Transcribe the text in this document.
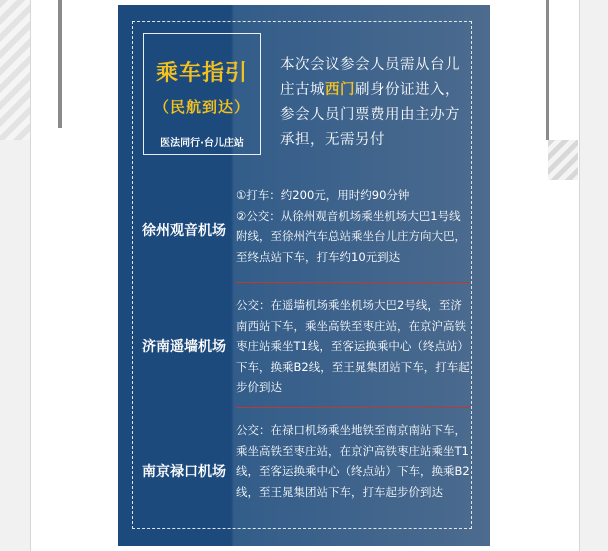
乘车指引
（民航到达）
医法同行·台儿庄站
本次会议参会人员需从台儿庄古城西门刷身份证进入，参会人员门票费用由主办方承担，无需另付
徐州观音机场
①打车：约200元，用时约90分钟
②公交：从徐州观音机场乘坐机场大巴1号线附线，至徐州汽车总站乘坐台儿庄方向大巴，至终点站下车，打车约10元到达
济南遥墙机场
公交：在遥墙机场乘坐机场大巴2号线，至济南西站下车，乘坐高铁至枣庄站，在京沪高铁枣庄站乘坐T1线，至客运换乘中心（终点站）下车，换乘B2线，至王晁集团站下车，打车起步价到达
南京禄口机场
公交：在禄口机场乘坐地铁至南京南站下车，乘坐高铁至枣庄站，在京沪高铁枣庄站乘坐T1线，至客运换乘中心（终点站）下车，换乘B2线，至王晁集团站下车，打车起步价到达
